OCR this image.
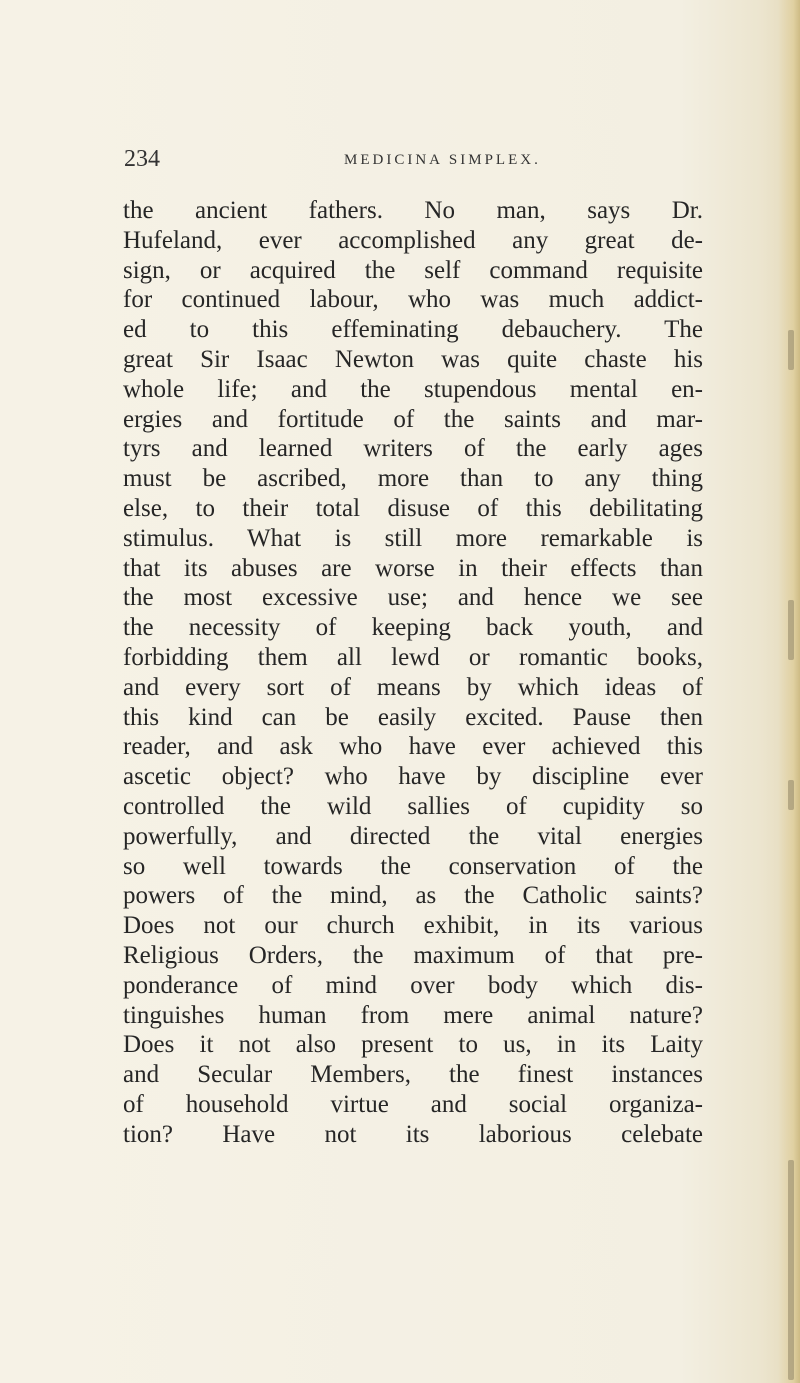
234	MEDICINA SIMPLEX.
the ancient fathers. No man, says Dr.
Hufeland, ever accomplished any great de-
sign, or acquired the self command requisite
for continued labour, who was much addict-
ed to this effeminating debauchery. The
great Sir Isaac Newton was quite chaste his
whole life; and the stupendous mental en-
ergies and fortitude of the saints and mar-
tyrs and learned writers of the early ages
must be ascribed, more than to any thing
else, to their total disuse of this debilitating
stimulus. What is still more remarkable is
that its abuses are worse in their effects than
the most excessive use; and hence we see
the necessity of keeping back youth, and
forbidding them all lewd or romantic books,
and every sort of means by which ideas of
this kind can be easily excited. Pause then
reader, and ask who have ever achieved this
ascetic object? who have by discipline ever
controlled the wild sallies of cupidity so
powerfully, and directed the vital energies
so well towards the conservation of the
powers of the mind, as the Catholic saints?
Does not our church exhibit, in its various
Religious Orders, the maximum of that pre-
ponderance of mind over body which dis-
tinguishes human from mere animal nature?
Does it not also present to us, in its Laity
and Secular Members, the finest instances
of household virtue and social organiza-
tion? Have not its laborious celebate
